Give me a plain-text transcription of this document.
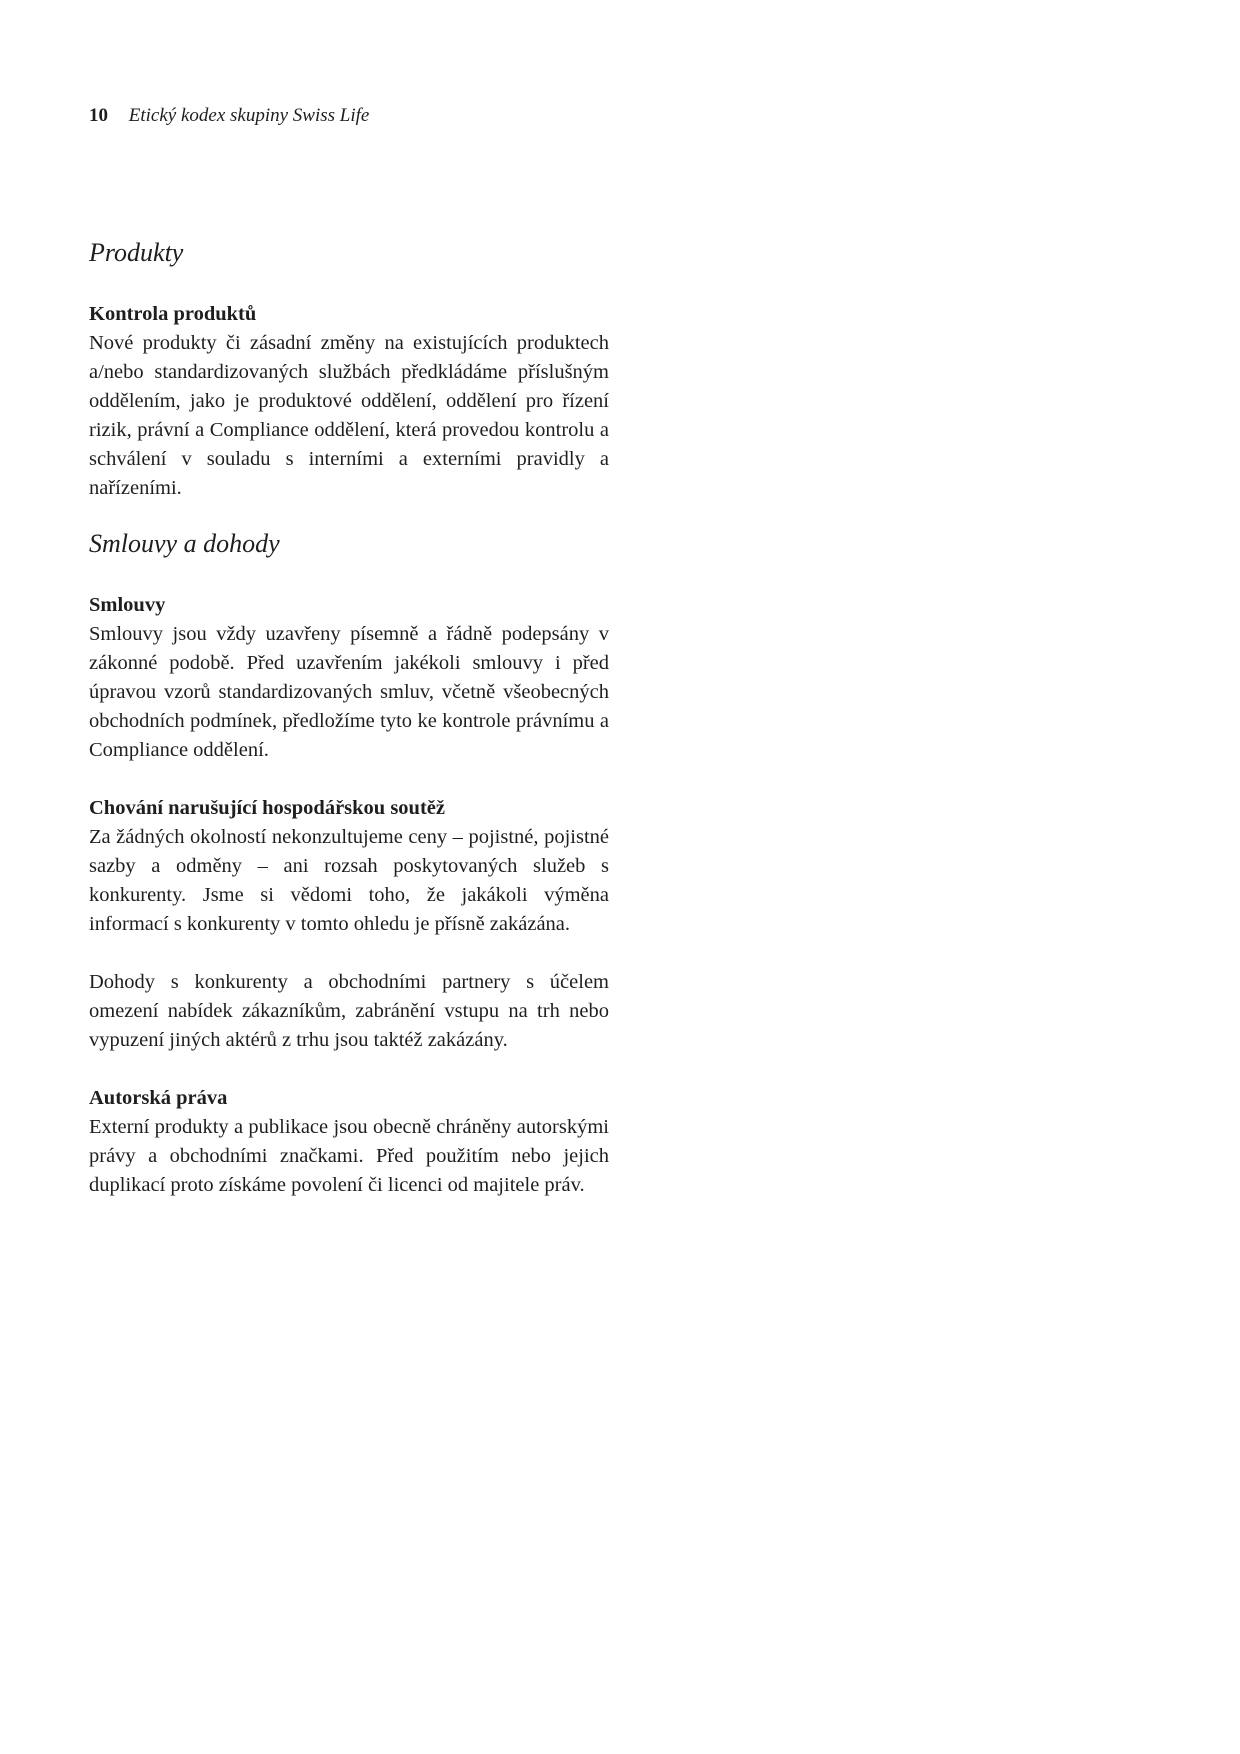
10 Etický kodex skupiny Swiss Life
Produkty
Kontrola produktů

Nové produkty či zásadní změny na existujících produktech a/nebo standardizovaných službách předkládáme příslušným oddělením, jako je produktové oddělení, oddělení pro řízení rizik, právní a Compliance oddělení, která provedou kontrolu a schválení v souladu s interními a externími pravidly a nařízeními.

Smlouvy a dohody
Smlouvy

Smlouvy jsou vždy uzavřeny písemně a řádně podepsány v zákonné podobě. Před uzavřením jakékoli smlouvy i před úpravou vzorů standardizovaných smluv, včetně všeobecných obchodních podmínek, předložíme tyto ke kontrole právnímu a Compliance oddělení.

Chování narušující hospodářskou soutěž

Za žádných okolností nekonzultujeme ceny – pojistné, pojistné sazby a odměny – ani rozsah poskytovaných služeb s konkurenty. Jsme si vědomi toho, že jakákoli výměna informací s konkurenty v tomto ohledu je přísně zakázána.

Dohody s konkurenty a obchodními partnery s účelem omezení nabídek zákazníkům, zabránění vstupu na trh nebo vypuzení jiných aktérů z trhu jsou taktéž zakázány.

Autorská práva

Externí produkty a publikace jsou obecně chráněny autorskými právy a obchodními značkami. Před použitím nebo jejich duplikací proto získáme povolení či licenci od majitele práv.
